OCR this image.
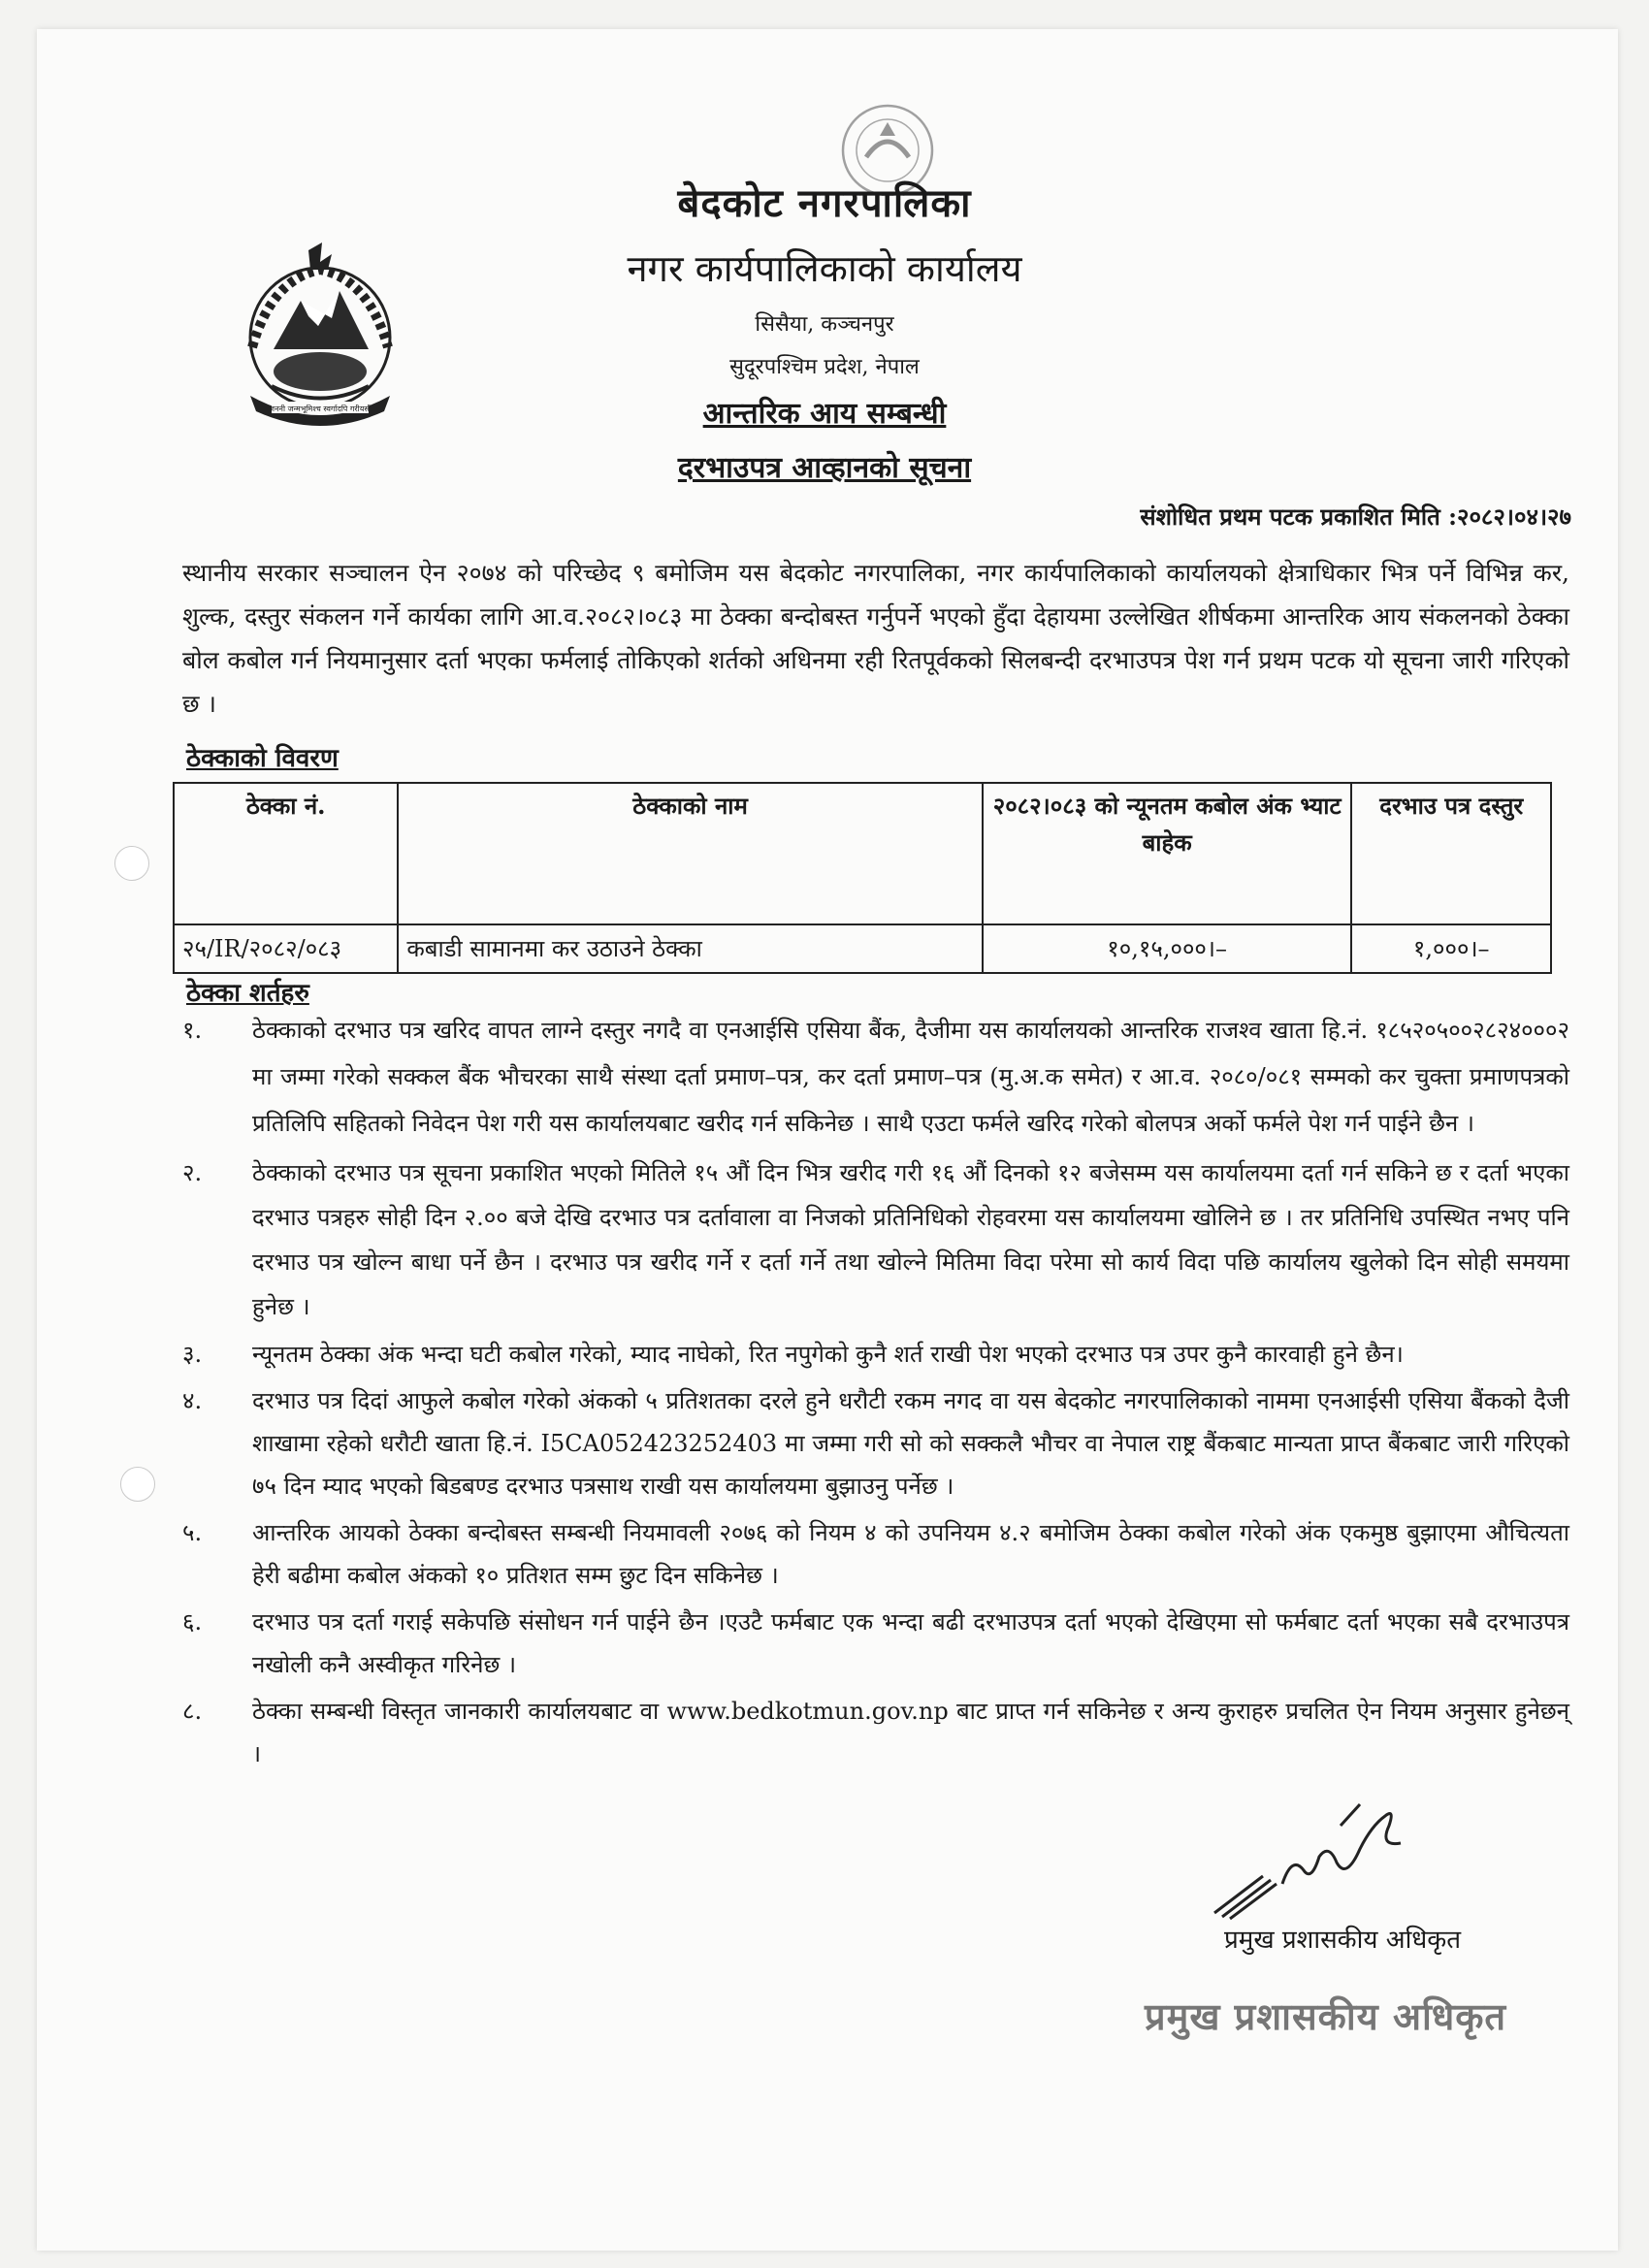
जननी जन्मभूमिश्च स्वर्गादपि गरीयसी
बेदकोट नगरपालिका
नगर कार्यपालिकाको कार्यालय
सिसैया, कञ्चनपुर
सुदूरपश्चिम प्रदेश, नेपाल
आन्तरिक आय सम्बन्धी
दरभाउपत्र आव्हानको सूचना
संशोधित प्रथम पटक प्रकाशित मिति :२०८२।०४।२७
स्थानीय सरकार सञ्चालन ऐन २०७४ को परिच्छेद ९ बमोजिम यस बेदकोट नगरपालिका, नगर कार्यपालिकाको कार्यालयको क्षेत्राधिकार भित्र पर्ने विभिन्न कर, शुल्क, दस्तुर संकलन गर्ने कार्यका लागि आ.व.२०८२।०८३ मा ठेक्का बन्दोबस्त गर्नुपर्ने भएको हुँदा देहायमा उल्लेखित शीर्षकमा आन्तरिक आय संकलनको ठेक्का बोल कबोल गर्न नियमानुसार दर्ता भएका फर्मलाई तोकिएको शर्तको अधिनमा रही रितपूर्वकको सिलबन्दी दरभाउपत्र पेश गर्न प्रथम पटक यो सूचना जारी गरिएको छ ।
ठेक्काको विवरण
ठेक्का नं.	ठेक्काको नाम	२०८२।०८३ को न्यूनतम कबोल अंक भ्याट बाहेक	दरभाउ पत्र दस्तुर
२५/IR/२०८२/०८३	कबाडी सामानमा कर उठाउने ठेक्का	१०,१५,०००।–	१,०००।–
ठेक्का शर्तहरु
१. ठेक्काको दरभाउ पत्र खरिद वापत लाग्ने दस्तुर नगदै वा एनआईसि एसिया बैंक, दैजीमा यस कार्यालयको आन्तरिक राजश्व खाता हि.नं. १८५२०५००२८२४०००२ मा जम्मा गरेको सक्कल बैंक भौचरका साथै संस्था दर्ता प्रमाण–पत्र, कर दर्ता प्रमाण–पत्र (मु.अ.क समेत) र आ.व. २०८०/०८१ सम्मको कर चुक्ता प्रमाणपत्रको प्रतिलिपि सहितको निवेदन पेश गरी यस कार्यालयबाट खरीद गर्न सकिनेछ । साथै एउटा फर्मले खरिद गरेको बोलपत्र अर्को फर्मले पेश गर्न पाईने छैन ।
२. ठेक्काको दरभाउ पत्र सूचना प्रकाशित भएको मितिले १५ औं दिन भित्र खरीद गरी १६ औं दिनको १२ बजेसम्म यस कार्यालयमा दर्ता गर्न सकिने छ र दर्ता भएका दरभाउ पत्रहरु सोही दिन २.०० बजे देखि दरभाउ पत्र दर्तावाला वा निजको प्रतिनिधिको रोहवरमा यस कार्यालयमा खोलिने छ । तर प्रतिनिधि उपस्थित नभए पनि दरभाउ पत्र खोल्न बाधा पर्ने छैन । दरभाउ पत्र खरीद गर्ने र दर्ता गर्ने तथा खोल्ने मितिमा विदा परेमा सो कार्य विदा पछि कार्यालय खुलेको दिन सोही समयमा हुनेछ ।
३. न्यूनतम ठेक्का अंक भन्दा घटी कबोल गरेको, म्याद नाघेको, रित नपुगेको कुनै शर्त राखी पेश भएको दरभाउ पत्र उपर कुनै कारवाही हुने छैन।
४. दरभाउ पत्र दिदां आफुले कबोल गरेको अंकको ५ प्रतिशतका दरले हुने धरौटी रकम नगद वा यस बेदकोट नगरपालिकाको नाममा एनआईसी एसिया बैंकको दैजी शाखामा रहेको धरौटी खाता हि.नं. I5CA052423252403 मा जम्मा गरी सो को सक्कलै भौचर वा नेपाल राष्ट्र बैंकबाट मान्यता प्राप्त बैंकबाट जारी गरिएको ७५ दिन म्याद भएको बिडबण्ड दरभाउ पत्रसाथ राखी यस कार्यालयमा बुझाउनु पर्नेछ ।
५. आन्तरिक आयको ठेक्का बन्दोबस्त सम्बन्धी नियमावली २०७६ को नियम ४ को उपनियम ४.२ बमोजिम ठेक्का कबोल गरेको अंक एकमुष्ठ बुझाएमा औचित्यता हेरी बढीमा कबोल अंकको १० प्रतिशत सम्म छुट दिन सकिनेछ ।
६. दरभाउ पत्र दर्ता गराई सकेपछि संसोधन गर्न पाईने छैन ।एउटै फर्मबाट एक भन्दा बढी दरभाउपत्र दर्ता भएको देखिएमा सो फर्मबाट दर्ता भएका सबै दरभाउपत्र नखोली कनै अस्वीकृत गरिनेछ ।
८. ठेक्का सम्बन्धी विस्तृत जानकारी कार्यालयबाट वा www.bedkotmun.gov.np बाट प्राप्त गर्न सकिनेछ र अन्य कुराहरु प्रचलित ऐन नियम अनुसार हुनेछन् ।
प्रमुख प्रशासकीय अधिकृत
प्रमुख प्रशासकीय अधिकृत
